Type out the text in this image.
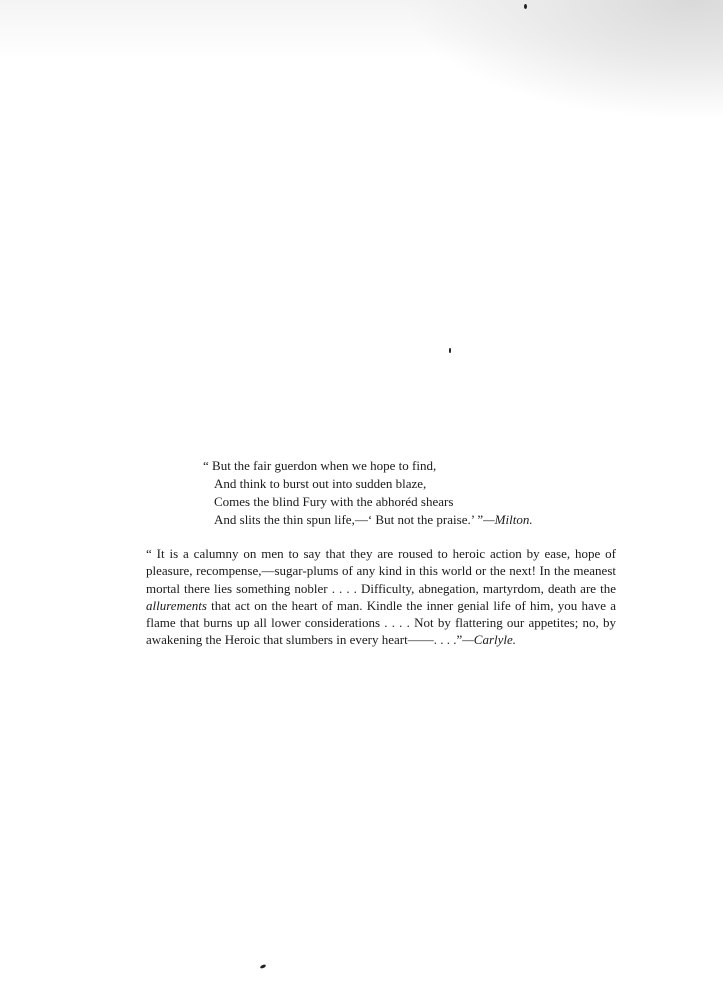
“ But the fair guerdon when we hope to find,
And think to burst out into sudden blaze,
Comes the blind Fury with the abhoréd shears
And slits the thin spun life,—‘ But not the praise.’ ”—Milton.

“ It is a calumny on men to say that they are roused to heroic action by ease, hope of pleasure, recompense,—sugar-plums of any kind in this world or the next! In the meanest mortal there lies something nobler . . . . Difficulty, abnegation, martyrdom, death are the allurements that act on the heart of man. Kindle the inner genial life of him, you have a flame that burns up all lower considerations . . . . Not by flattering our appetites; no, by awakening the Heroic that slumbers in every heart——. . . .”—Carlyle.
